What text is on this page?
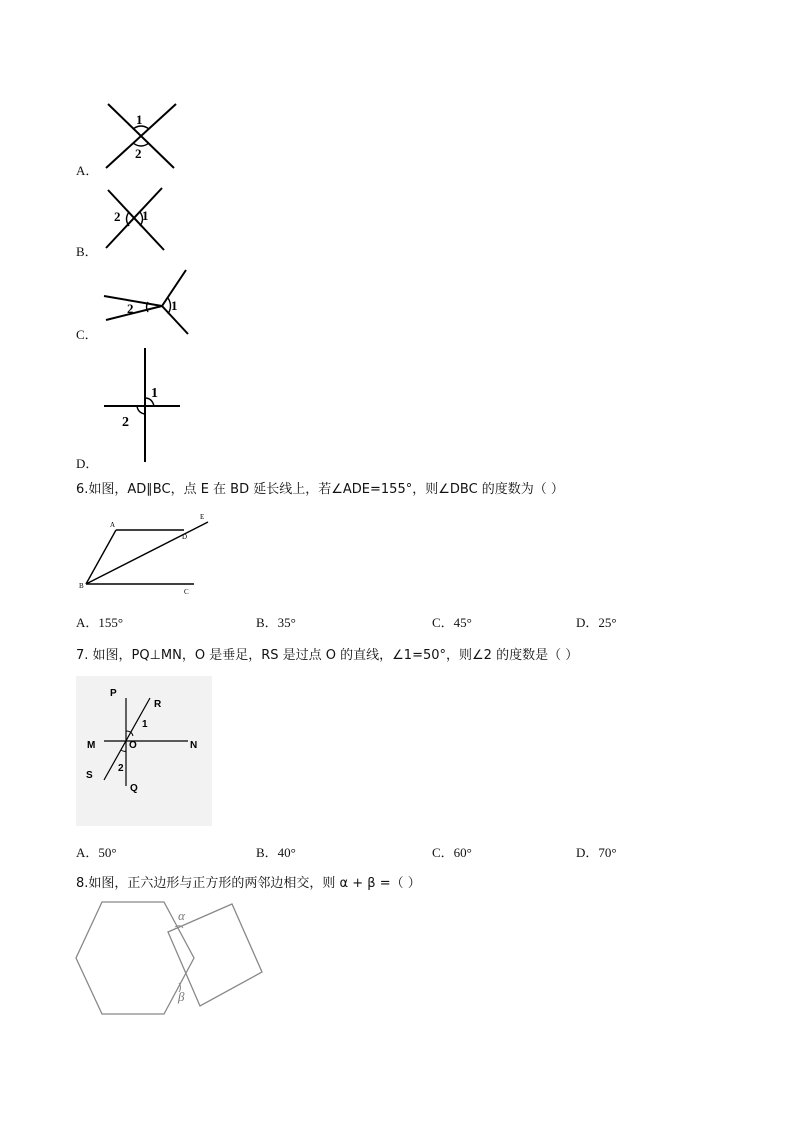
1
2
A．
2 1
B．
2	1
C．
1
2
D．
6.如图，AD∥BC，点 E 在 BD 延长线上，若∠ADE=155°，则∠DBC 的度数为（ ）
A
D
E
B
C
A．155°	B．35°	C．45°	D．25°
7. 如图，PQ⊥MN，O 是垂足，RS 是过点 O 的直线，∠1=50°，则∠2 的度数是（ ）
P
R
1
M	O	N
S
2
Q
A．50°	B．40°	C．60°	D．70°
8.如图，正六边形与正方形的两邻边相交，则 α + β =（ ）
α
β
